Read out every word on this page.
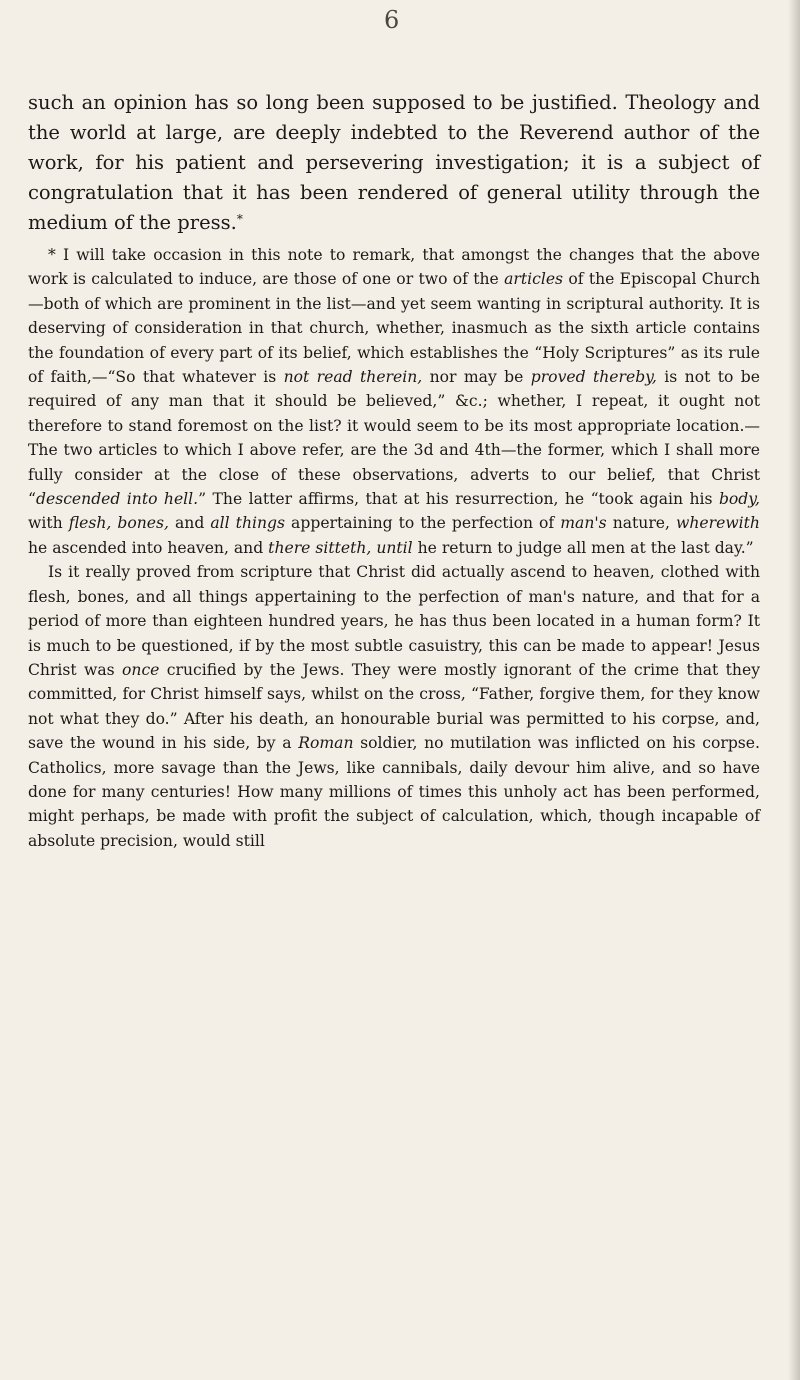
6

such an opinion has so long been supposed to be justified. Theology and the world at large, are deeply indebted to the Reverend author of the work, for his patient and persevering investigation; it is a subject of congratulation that it has been rendered of general utility through the medium of the press.*

* I will take occasion in this note to remark, that amongst the changes that the above work is calculated to induce, are those of one or two of the articles of the Episcopal Church—both of which are prominent in the list—and yet seem wanting in scriptural authority. It is deserving of consideration in that church, whether, inasmuch as the sixth article contains the foundation of every part of its belief, which establishes the “Holy Scriptures” as its rule of faith,—“So that whatever is not read therein, nor may be proved thereby, is not to be required of any man that it should be believed,” &c.; whether, I repeat, it ought not therefore to stand foremost on the list? it would seem to be its most appropriate location.—The two articles to which I above refer, are the 3d and 4th—the former, which I shall more fully consider at the close of these observations, adverts to our belief, that Christ “descended into hell.” The latter affirms, that at his resurrection, he “took again his body, with flesh, bones, and all things appertaining to the perfection of man's nature, wherewith he ascended into heaven, and there sitteth, until he return to judge all men at the last day.”

Is it really proved from scripture that Christ did actually ascend to heaven, clothed with flesh, bones, and all things appertaining to the perfection of man's nature, and that for a period of more than eighteen hundred years, he has thus been located in a human form? It is much to be questioned, if by the most subtle casuistry, this can be made to appear! Jesus Christ was once crucified by the Jews. They were mostly ignorant of the crime that they committed, for Christ himself says, whilst on the cross, “Father, forgive them, for they know not what they do.” After his death, an honourable burial was permitted to his corpse, and, save the wound in his side, by a Roman soldier, no mutilation was inflicted on his corpse. Catholics, more savage than the Jews, like cannibals, daily devour him alive, and so have done for many centuries! How many millions of times this unholy act has been performed, might perhaps, be made with profit the subject of calculation, which, though incapable of absolute precision, would still
